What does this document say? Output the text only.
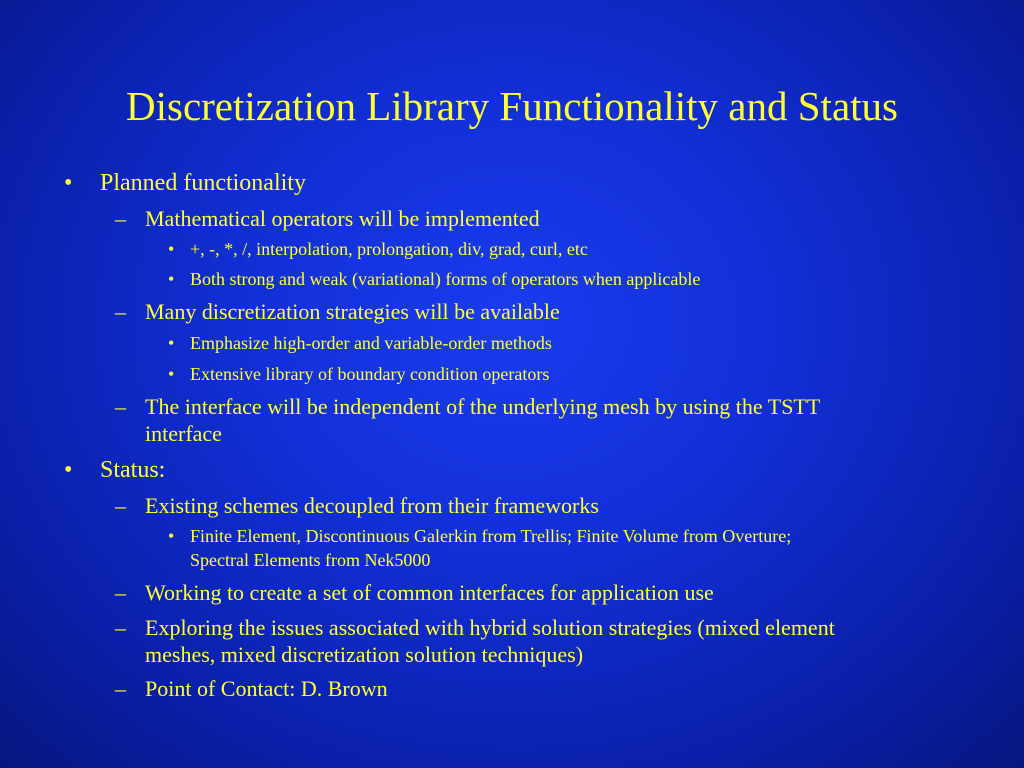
Discretization Library Functionality and Status
• Planned functionality
– Mathematical operators will be implemented
• +, -, *, /, interpolation, prolongation, div, grad, curl, etc
• Both strong and weak (variational) forms of operators when applicable
– Many discretization strategies will be available
• Emphasize high-order and variable-order methods
• Extensive library of boundary condition operators
– The interface will be independent of the underlying mesh by using the TSTT
interface
• Status:
– Existing schemes decoupled from their frameworks
• Finite Element, Discontinuous Galerkin from Trellis; Finite Volume from Overture;
Spectral Elements from Nek5000
– Working to create a set of common interfaces for application use
– Exploring the issues associated with hybrid solution strategies (mixed element
meshes, mixed discretization solution techniques)
– Point of Contact: D. Brown
